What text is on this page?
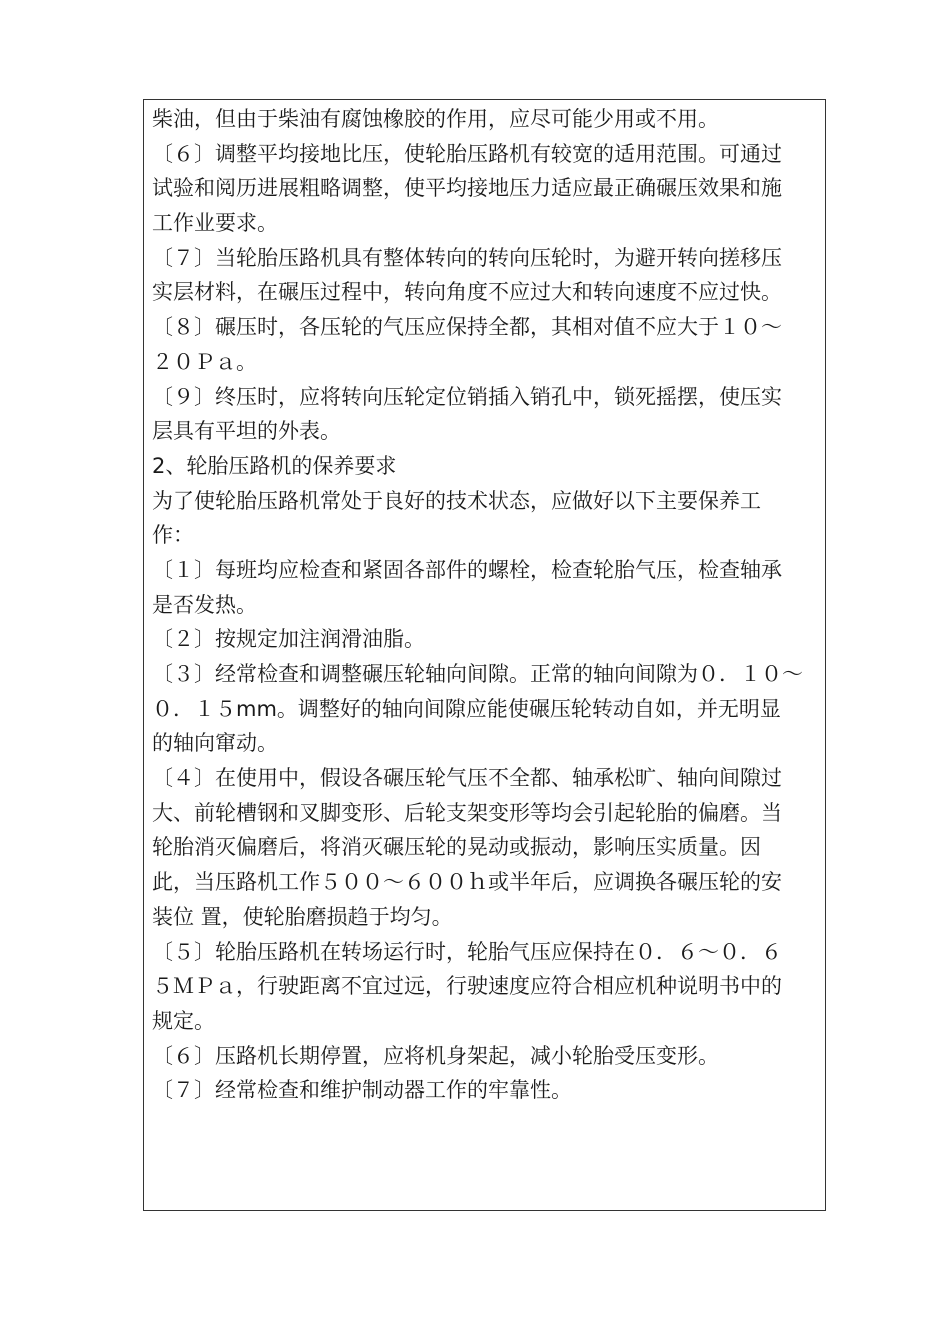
柴油，但由于柴油有腐蚀橡胶的作用，应尽可能少用或不用。
〔６〕调整平均接地比压，使轮胎压路机有较宽的适用范围。可通过
试验和阅历进展粗略调整，使平均接地压力适应最正确碾压效果和施
工作业要求。
〔７〕当轮胎压路机具有整体转向的转向压轮时，为避开转向搓移压
实层材料，在碾压过程中，转向角度不应过大和转向速度不应过快。
〔８〕碾压时，各压轮的气压应保持全都，其相对值不应大于１０～
２０Ｐａ。
〔９〕终压时，应将转向压轮定位销插入销孔中，锁死摇摆，使压实
层具有平坦的外表。
2、轮胎压路机的保养要求
为了使轮胎压路机常处于良好的技术状态，应做好以下主要保养工
作：
〔１〕每班均应检查和紧固各部件的螺栓，检查轮胎气压，检查轴承
是否发热。
〔２〕按规定加注润滑油脂。
〔３〕经常检查和调整碾压轮轴向间隙。正常的轴向间隙为０．１０～
０．１５mm。调整好的轴向间隙应能使碾压轮转动自如，并无明显
的轴向窜动。
〔４〕在使用中，假设各碾压轮气压不全都、轴承松旷、轴向间隙过
大、前轮槽钢和叉脚变形、后轮支架变形等均会引起轮胎的偏磨。当
轮胎消灭偏磨后，将消灭碾压轮的晃动或振动，影响压实质量。因
此，当压路机工作５００～６００ｈ或半年后，应调换各碾压轮的安
装位 置，使轮胎磨损趋于均匀。
〔５〕轮胎压路机在转场运行时，轮胎气压应保持在０．６～０．６
５ＭＰａ，行驶距离不宜过远，行驶速度应符合相应机种说明书中的
规定。
〔６〕压路机长期停置，应将机身架起，减小轮胎受压变形。
〔７〕经常检查和维护制动器工作的牢靠性。
